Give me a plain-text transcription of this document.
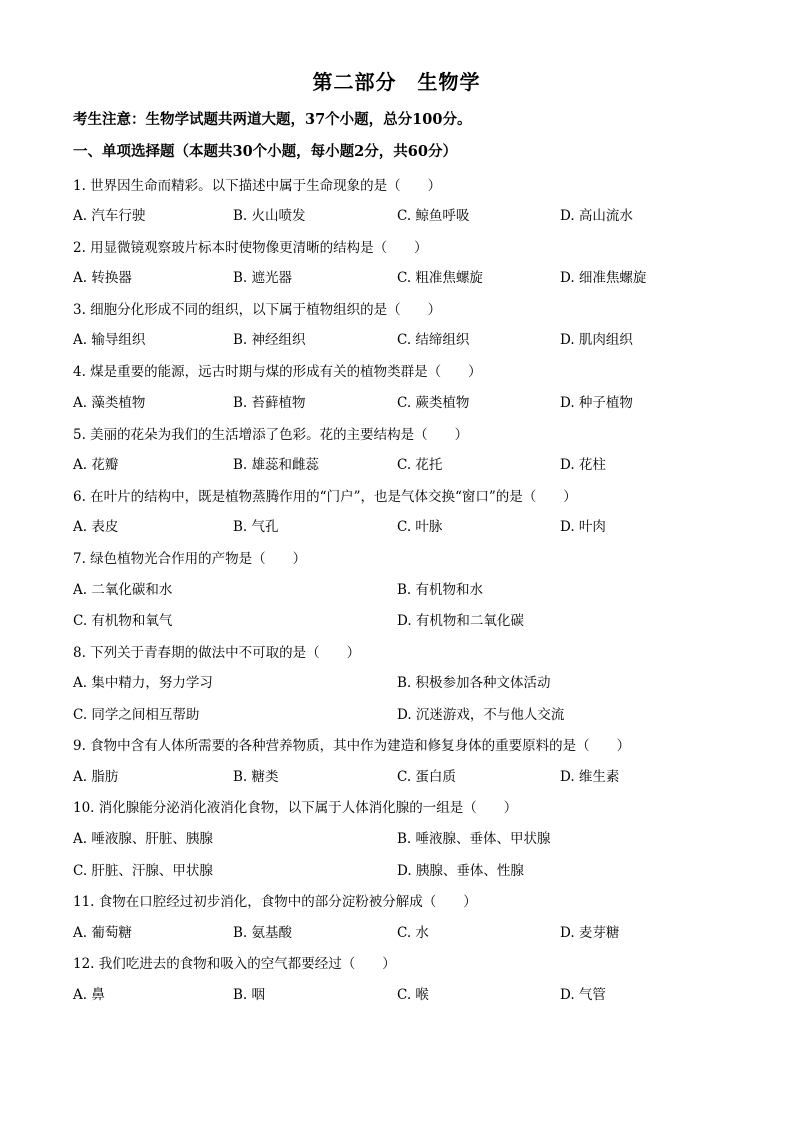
第二部分　生物学
考生注意：生物学试题共两道大题，37个小题，总分100分。
一、单项选择题（本题共30个小题，每小题2分，共60分）
1. 世界因生命而精彩。以下描述中属于生命现象的是（　　）
A. 汽车行驶	B. 火山喷发	C. 鲸鱼呼吸	D. 高山流水
2. 用显微镜观察玻片标本时使物像更清晰的结构是（　　）
A. 转换器	B. 遮光器	C. 粗准焦螺旋	D. 细准焦螺旋
3. 细胞分化形成不同的组织，以下属于植物组织的是（　　）
A. 输导组织	B. 神经组织	C. 结缔组织	D. 肌肉组织
4. 煤是重要的能源，远古时期与煤的形成有关的植物类群是（　　）
A. 藻类植物	B. 苔藓植物	C. 蕨类植物	D. 种子植物
5. 美丽的花朵为我们的生活增添了色彩。花的主要结构是（　　）
A. 花瓣	B. 雄蕊和雌蕊	C. 花托	D. 花柱
6. 在叶片的结构中，既是植物蒸腾作用的“门户”，也是气体交换“窗口”的是（　　）
A. 表皮	B. 气孔	C. 叶脉	D. 叶肉
7. 绿色植物光合作用的产物是（　　）
A. 二氧化碳和水	B. 有机物和水
C. 有机物和氧气	D. 有机物和二氧化碳
8. 下列关于青春期的做法中不可取的是（　　）
A. 集中精力，努力学习	B. 积极参加各种文体活动
C. 同学之间相互帮助	D. 沉迷游戏，不与他人交流
9. 食物中含有人体所需要的各种营养物质，其中作为建造和修复身体的重要原料的是（　　）
A. 脂肪	B. 糖类	C. 蛋白质	D. 维生素
10. 消化腺能分泌消化液消化食物，以下属于人体消化腺的一组是（　　）
A. 唾液腺、肝脏、胰腺	B. 唾液腺、垂体、甲状腺
C. 肝脏、汗腺、甲状腺	D. 胰腺、垂体、性腺
11. 食物在口腔经过初步消化，食物中的部分淀粉被分解成（　　）
A. 葡萄糖	B. 氨基酸	C. 水	D. 麦芽糖
12. 我们吃进去的食物和吸入的空气都要经过（　　）
A. 鼻	B. 咽	C. 喉	D. 气管
